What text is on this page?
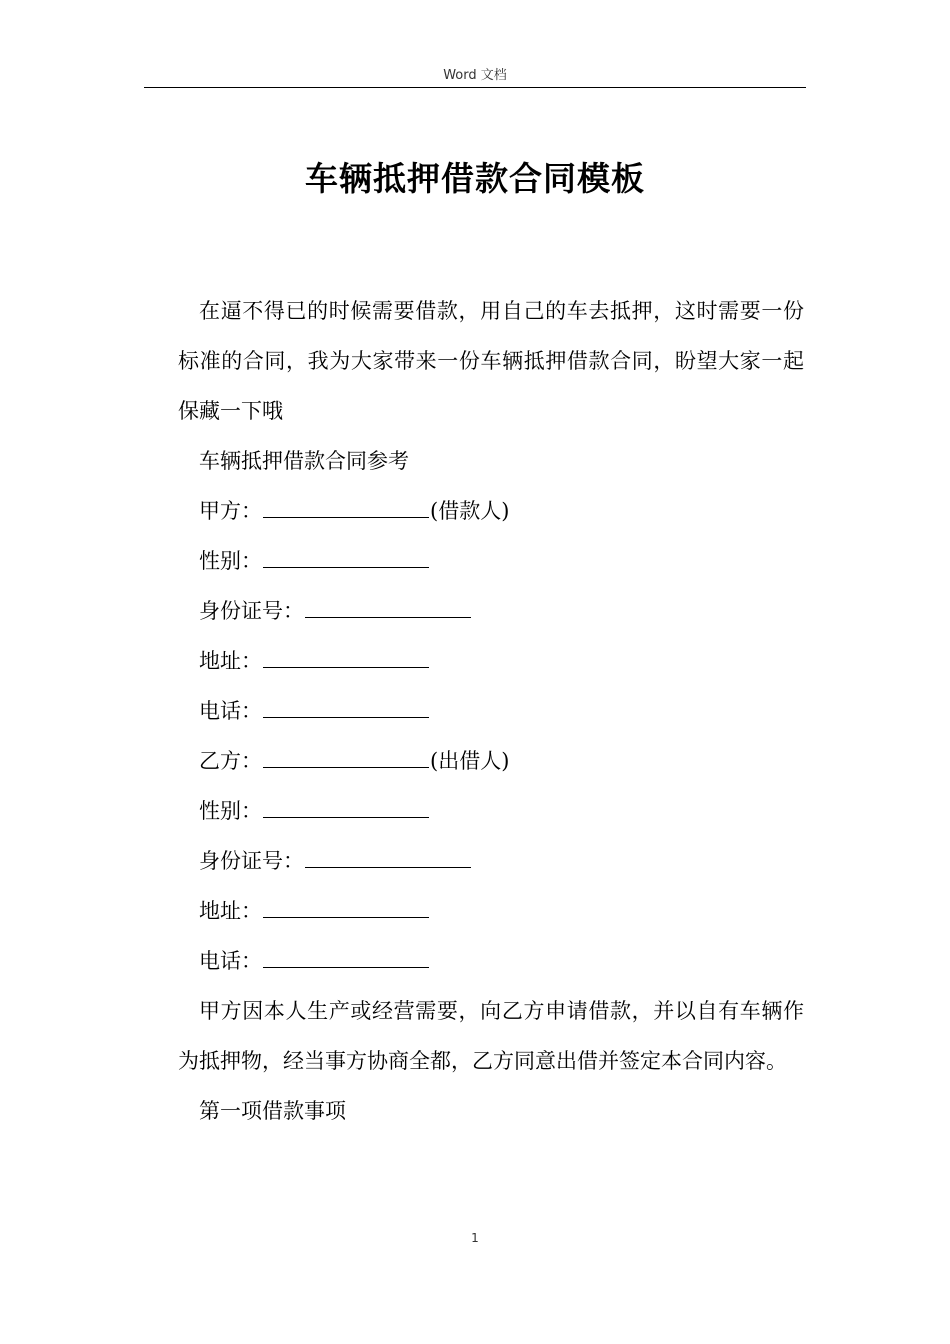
Word 文档
车辆抵押借款合同模板

在逼不得已的时候需要借款，用自己的车去抵押，这时需要一份标准的合同，我为大家带来一份车辆抵押借款合同，盼望大家一起保藏一下哦

车辆抵押借款合同参考

甲方：	(借款人)

性别：

身份证号：

地址：

电话：

乙方：	(出借人)

性别：

身份证号：

地址：

电话：

甲方因本人生产或经营需要，向乙方申请借款，并以自有车辆作为抵押物，经当事方协商全都，乙方同意出借并签定本合同内容。

第一项借款事项

1
